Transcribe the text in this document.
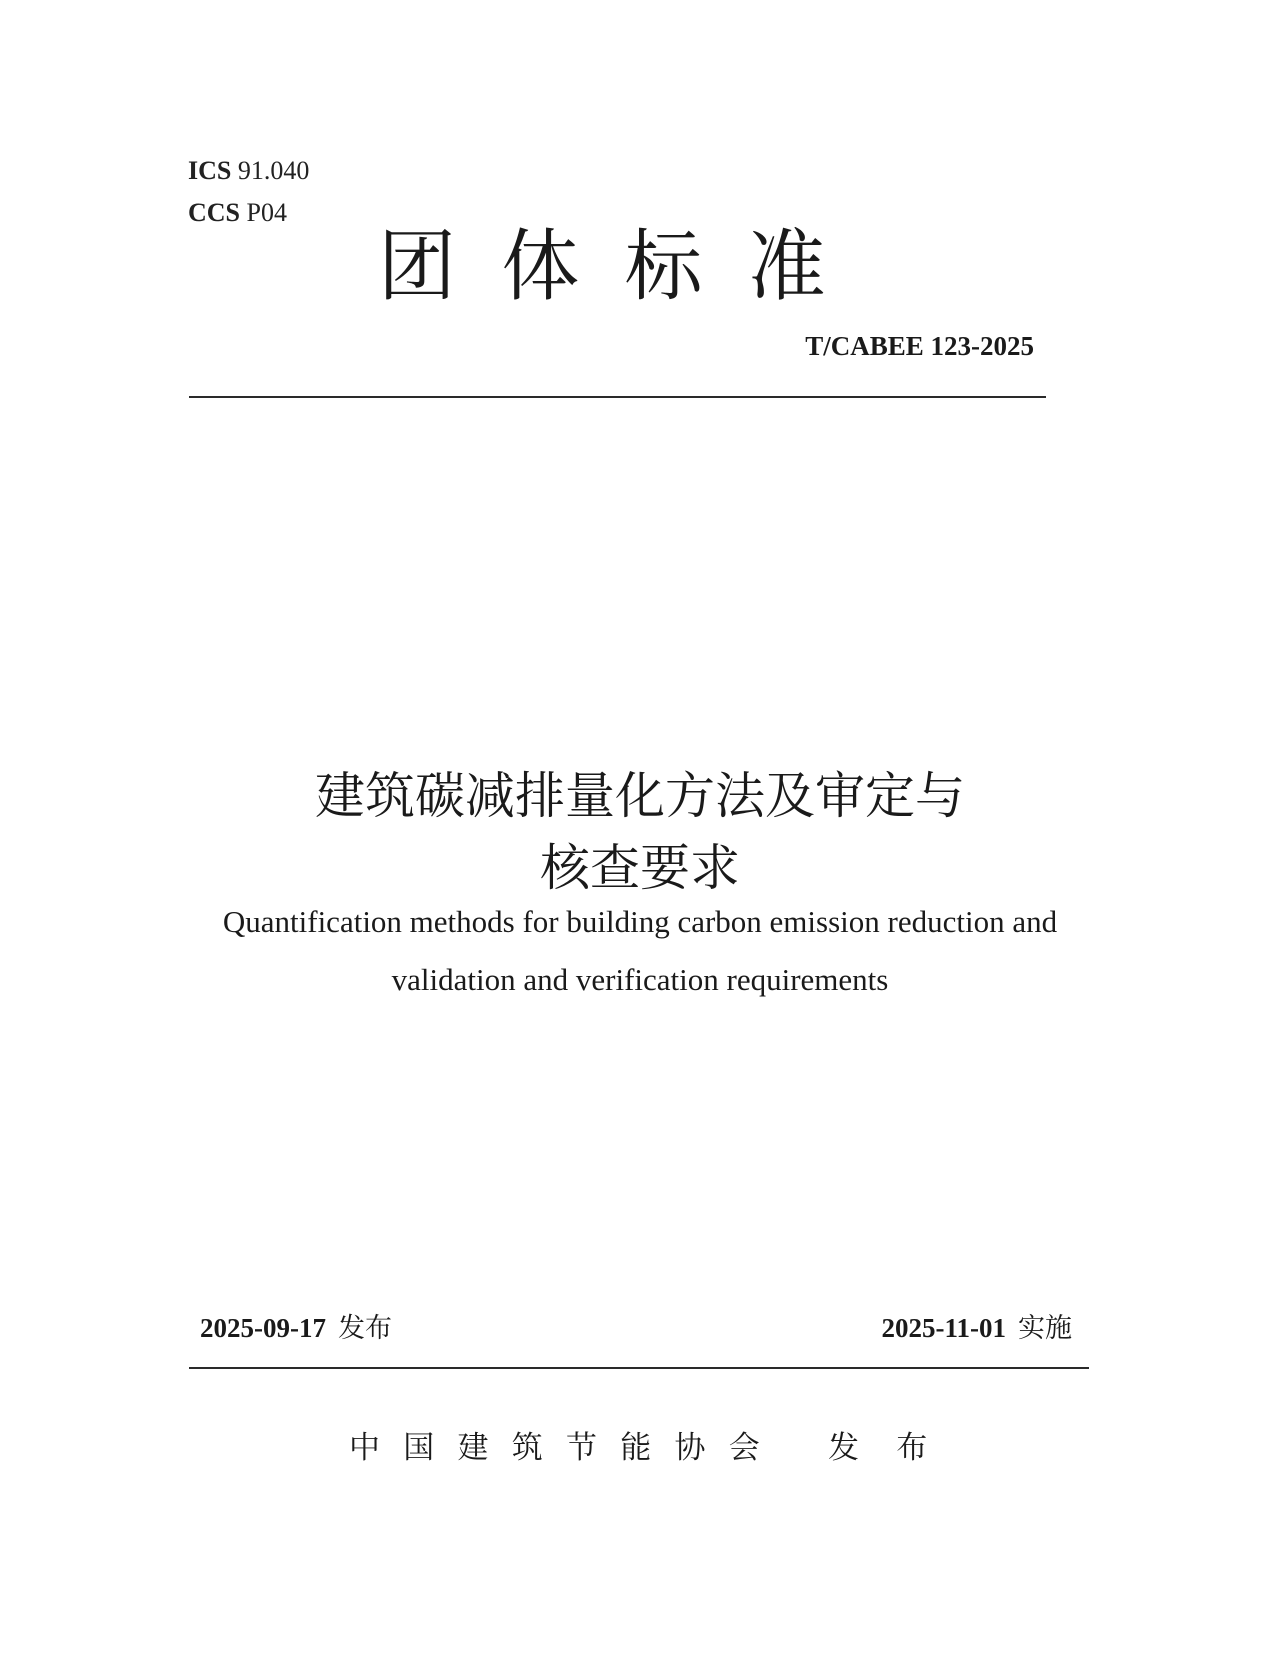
ICS 91.040
CCS P04
团体标准
T/CABEE 123-2025
建筑碳减排量化方法及审定与
核查要求
Quantification methods for building carbon emission reduction and
validation and verification requirements
2025-09-17 发布	2025-11-01 实施
中国建筑节能协会 发布
